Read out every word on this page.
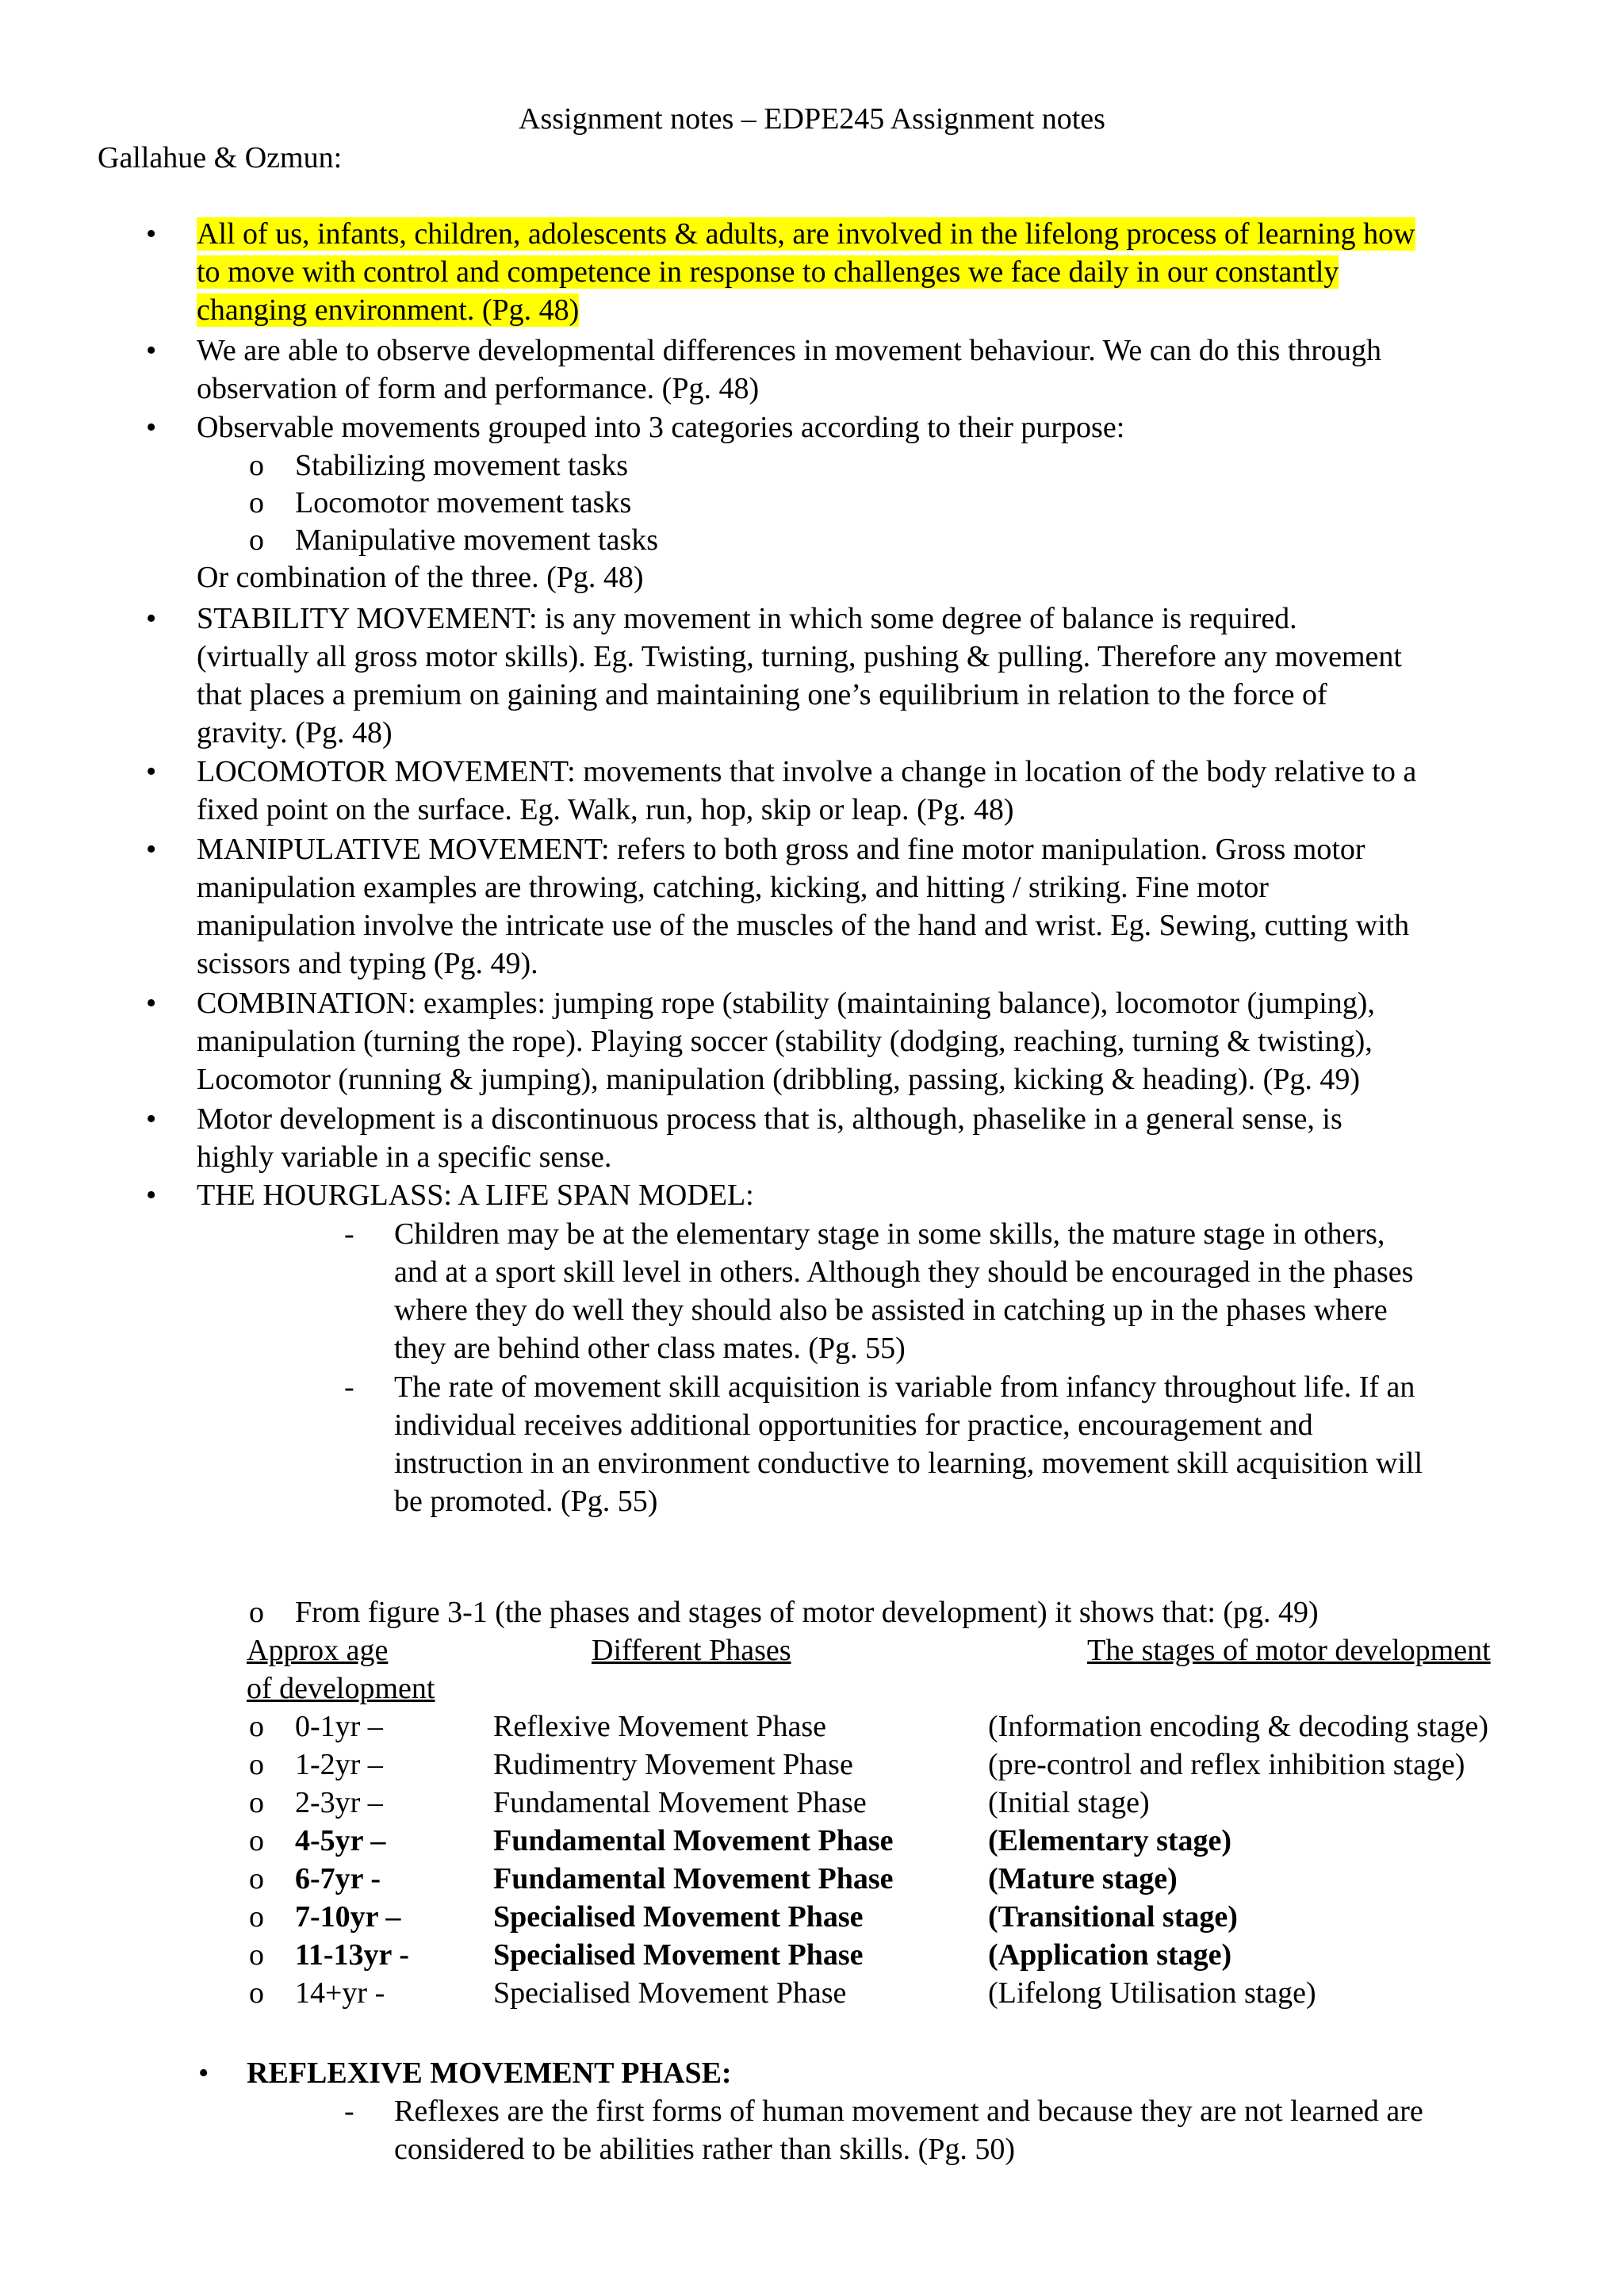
Assignment notes – EDPE245 Assignment notes
Gallahue & Ozmun:
• All of us, infants, children, adolescents & adults, are involved in the lifelong process of learning how
to move with control and competence in response to challenges we face daily in our constantly
changing environment. (Pg. 48)
• We are able to observe developmental differences in movement behaviour. We can do this through
observation of form and performance. (Pg. 48)
• Observable movements grouped into 3 categories according to their purpose:
o Stabilizing movement tasks
o Locomotor movement tasks
o Manipulative movement tasks
Or combination of the three. (Pg. 48)
• STABILITY MOVEMENT: is any movement in which some degree of balance is required.
(virtually all gross motor skills). Eg. Twisting, turning, pushing & pulling. Therefore any movement
that places a premium on gaining and maintaining one’s equilibrium in relation to the force of
gravity. (Pg. 48)
• LOCOMOTOR MOVEMENT: movements that involve a change in location of the body relative to a
fixed point on the surface. Eg. Walk, run, hop, skip or leap. (Pg. 48)
• MANIPULATIVE MOVEMENT: refers to both gross and fine motor manipulation. Gross motor
manipulation examples are throwing, catching, kicking, and hitting / striking. Fine motor
manipulation involve the intricate use of the muscles of the hand and wrist. Eg. Sewing, cutting with
scissors and typing (Pg. 49).
• COMBINATION: examples: jumping rope (stability (maintaining balance), locomotor (jumping),
manipulation (turning the rope). Playing soccer (stability (dodging, reaching, turning & twisting),
Locomotor (running & jumping), manipulation (dribbling, passing, kicking & heading). (Pg. 49)
• Motor development is a discontinuous process that is, although, phaselike in a general sense, is
highly variable in a specific sense.
• THE HOURGLASS: A LIFE SPAN MODEL:
- Children may be at the elementary stage in some skills, the mature stage in others,
and at a sport skill level in others. Although they should be encouraged in the phases
where they do well they should also be assisted in catching up in the phases where
they are behind other class mates. (Pg. 55)
- The rate of movement skill acquisition is variable from infancy throughout life. If an
individual receives additional opportunities for practice, encouragement and
instruction in an environment conductive to learning, movement skill acquisition will
be promoted. (Pg. 55)
o From figure 3-1 (the phases and stages of motor development) it shows that: (pg. 49)
Approx age
of development
Different Phases	The stages of motor development
o 0-1yr –	Reflexive Movement Phase	(Information encoding & decoding stage)
o 1-2yr –	Rudimentry Movement Phase	(pre-control and reflex inhibition stage)
o 2-3yr –	Fundamental Movement Phase	(Initial stage)
o 4-5yr –	Fundamental Movement Phase	(Elementary stage)
o 6-7yr -	Fundamental Movement Phase	(Mature stage)
o 7-10yr –	Specialised Movement Phase	(Transitional stage)
o 11-13yr -	Specialised Movement Phase	(Application stage)
o 14+yr -	Specialised Movement Phase	(Lifelong Utilisation stage)
• REFLEXIVE MOVEMENT PHASE:
- Reflexes are the first forms of human movement and because they are not learned are
considered to be abilities rather than skills. (Pg. 50)
